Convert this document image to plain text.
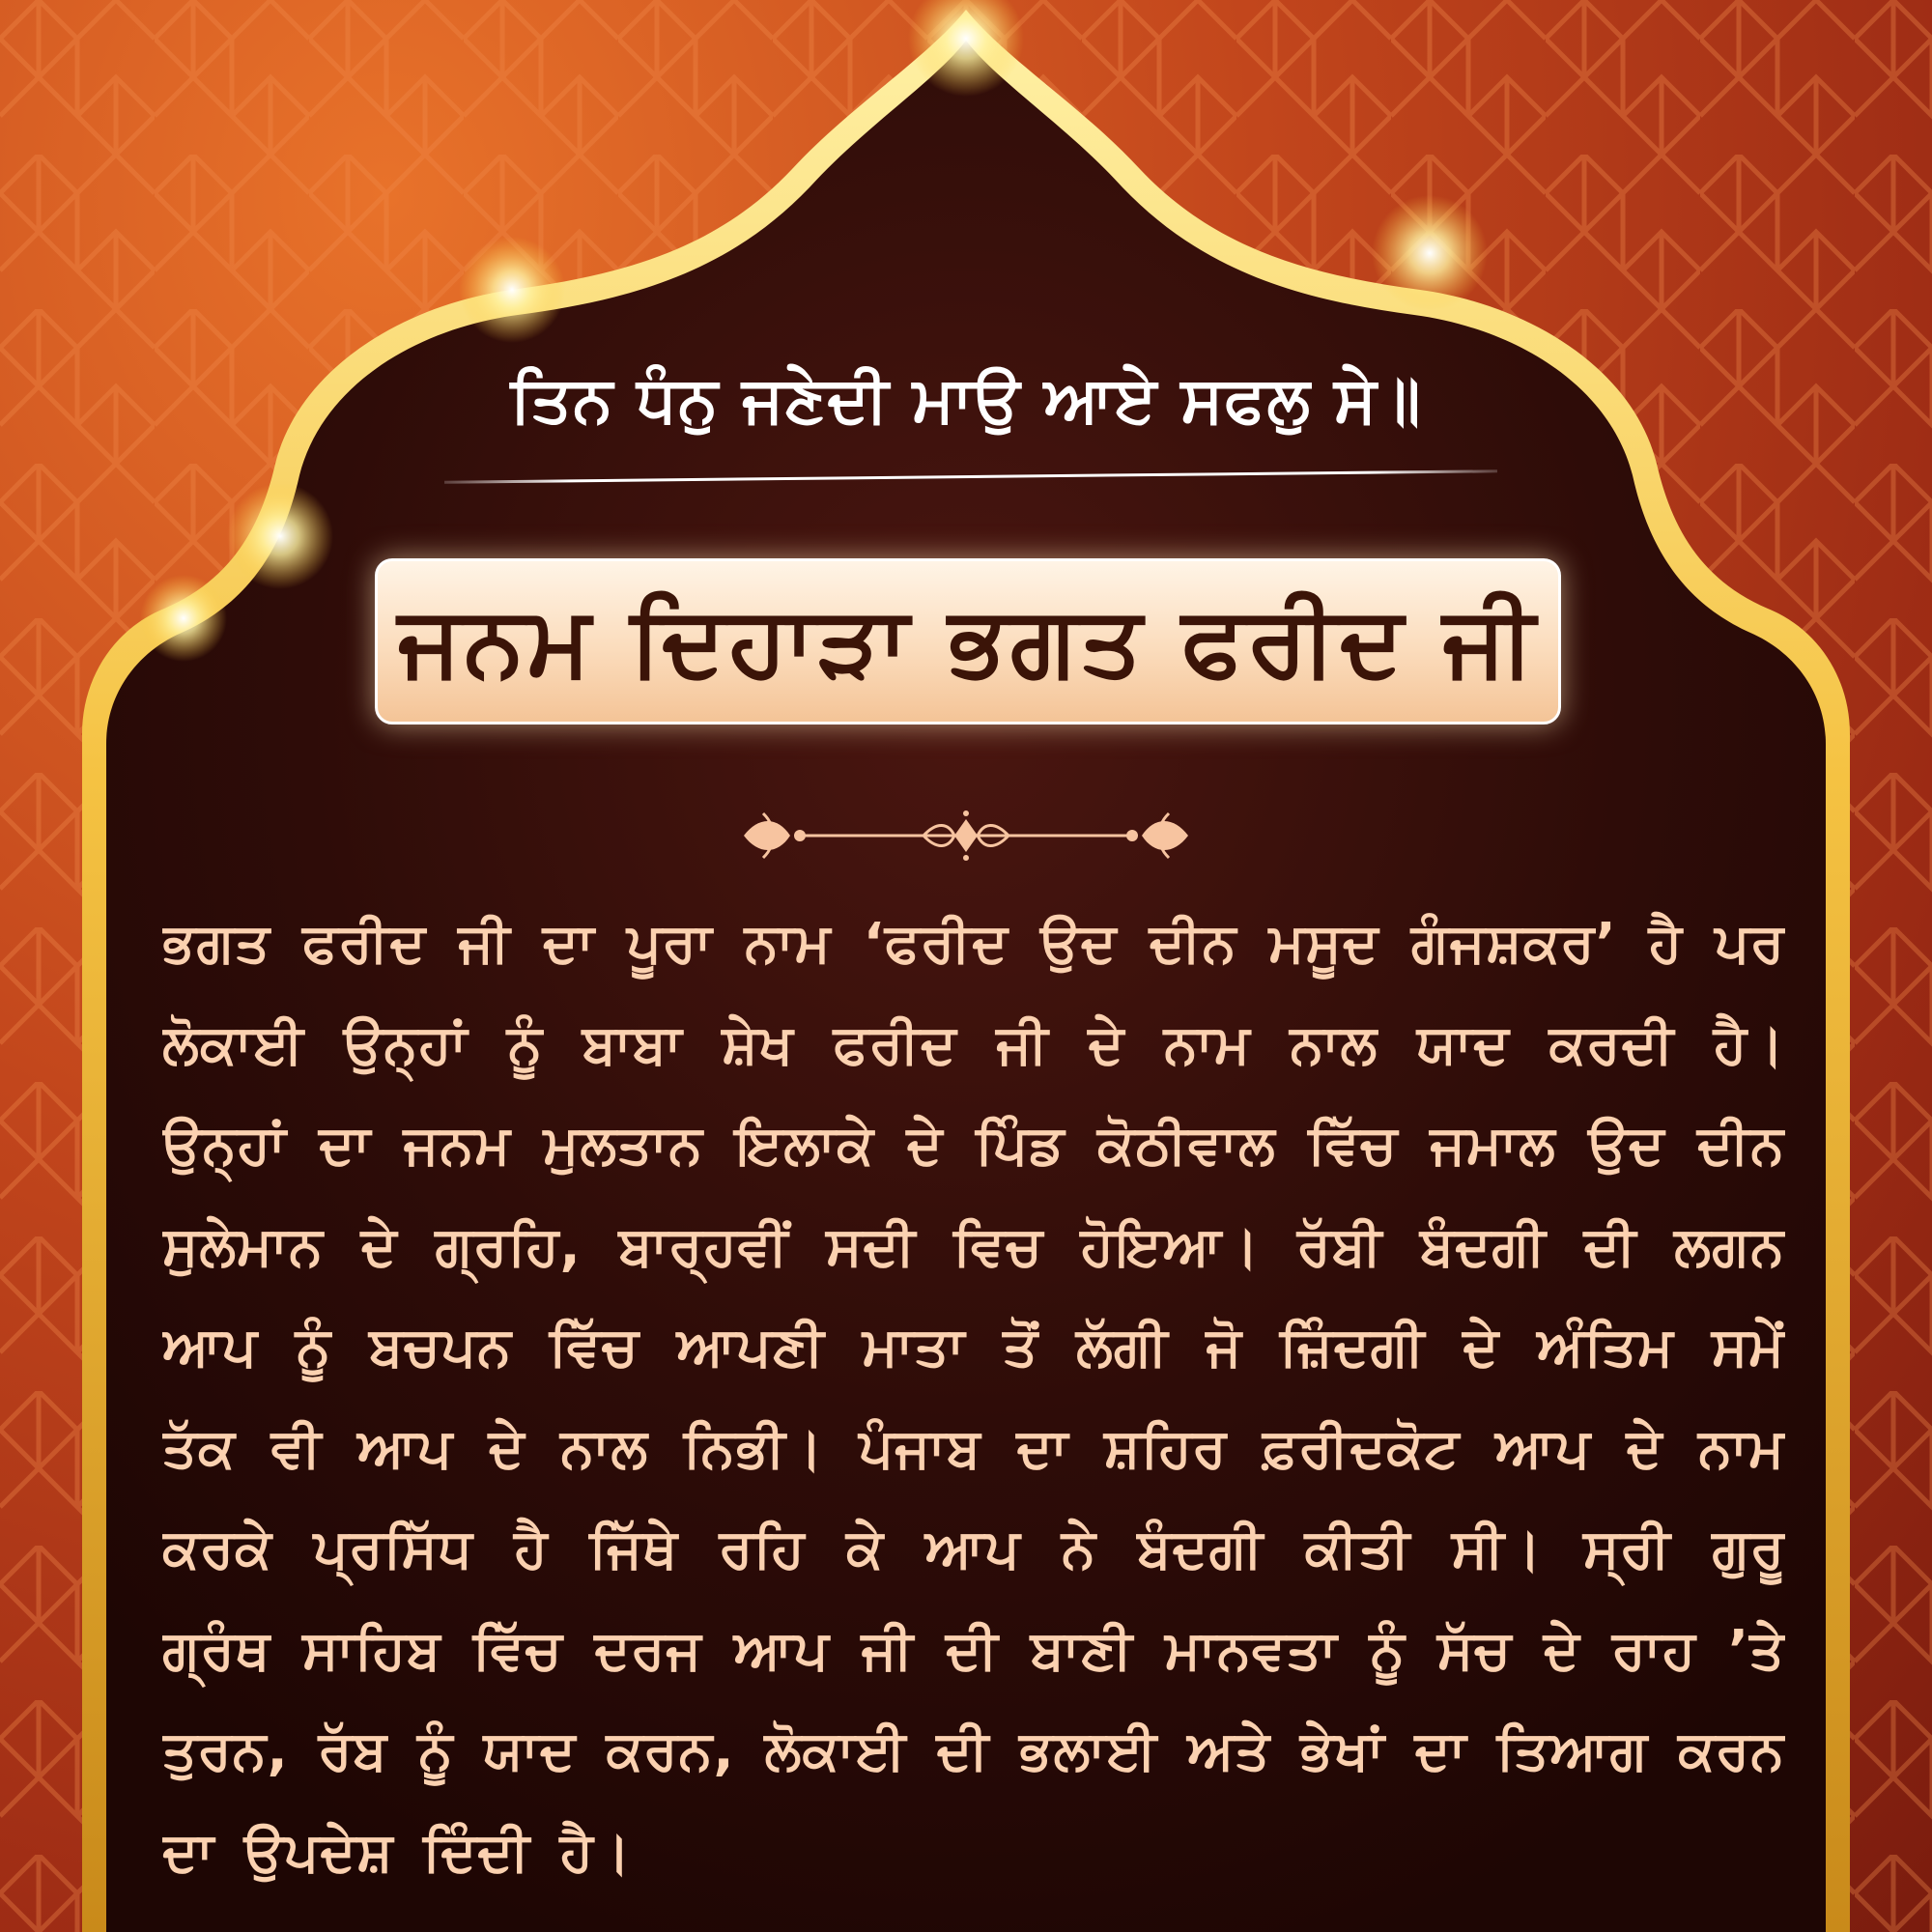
ਤਿਨ ਧੰਨੁ ਜਣੇਦੀ ਮਾਉ ਆਏ ਸਫਲੁ ਸੇ॥
ਜਨਮ ਦਿਹਾੜਾ ਭਗਤ ਫਰੀਦ ਜੀ
ਭਗਤ ਫਰੀਦ ਜੀ ਦਾ ਪੂਰਾ ਨਾਮ ‘ਫਰੀਦ ਉਦ ਦੀਨ ਮਸੂਦ ਗੰਜਸ਼ਕਰ’ ਹੈ ਪਰ ਲੋਕਾਈ ਉਨ੍ਹਾਂ ਨੂੰ ਬਾਬਾ ਸ਼ੇਖ ਫਰੀਦ ਜੀ ਦੇ ਨਾਮ ਨਾਲ ਯਾਦ ਕਰਦੀ ਹੈ। ਉਨ੍ਹਾਂ ਦਾ ਜਨਮ ਮੁਲਤਾਨ ਇਲਾਕੇ ਦੇ ਪਿੰਡ ਕੋਠੀਵਾਲ ਵਿੱਚ ਜਮਾਲ ਉਦ ਦੀਨ ਸੁਲੇਮਾਨ ਦੇ ਗ੍ਰਹਿ, ਬਾਰ੍ਹਵੀਂ ਸਦੀ ਵਿਚ ਹੋਇਆ। ਰੱਬੀ ਬੰਦਗੀ ਦੀ ਲਗਨ ਆਪ ਨੂੰ ਬਚਪਨ ਵਿੱਚ ਆਪਣੀ ਮਾਤਾ ਤੋਂ ਲੱਗੀ ਜੋ ਜ਼ਿੰਦਗੀ ਦੇ ਅੰਤਿਮ ਸਮੇਂ ਤੱਕ ਵੀ ਆਪ ਦੇ ਨਾਲ ਨਿਭੀ। ਪੰਜਾਬ ਦਾ ਸ਼ਹਿਰ ਫ਼ਰੀਦਕੋਟ ਆਪ ਦੇ ਨਾਮ ਕਰਕੇ ਪ੍ਰਸਿੱਧ ਹੈ ਜਿੱਥੇ ਰਹਿ ਕੇ ਆਪ ਨੇ ਬੰਦਗੀ ਕੀਤੀ ਸੀ। ਸ੍ਰੀ ਗੁਰੂ ਗ੍ਰੰਥ ਸਾਹਿਬ ਵਿੱਚ ਦਰਜ ਆਪ ਜੀ ਦੀ ਬਾਣੀ ਮਾਨਵਤਾ ਨੂੰ ਸੱਚ ਦੇ ਰਾਹ ’ਤੇ ਤੁਰਨ, ਰੱਬ ਨੂੰ ਯਾਦ ਕਰਨ, ਲੋਕਾਈ ਦੀ ਭਲਾਈ ਅਤੇ ਭੇਖਾਂ ਦਾ ਤਿਆਗ ਕਰਨ ਦਾ ਉਪਦੇਸ਼ ਦਿੰਦੀ ਹੈ।
